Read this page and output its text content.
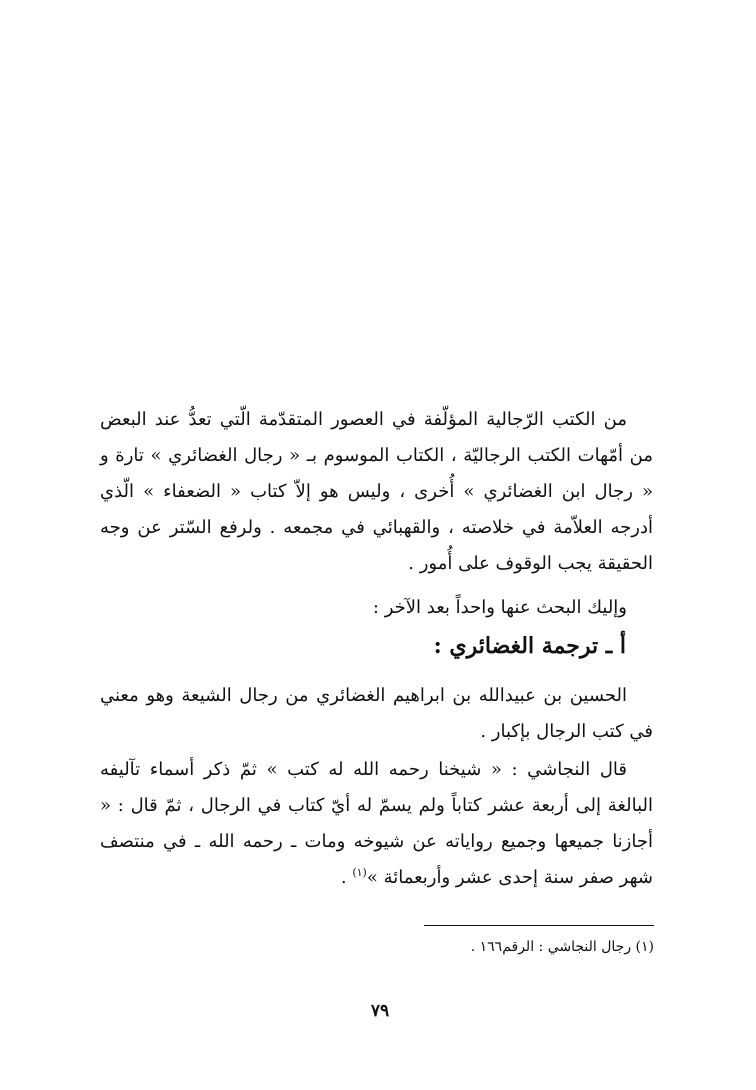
من الكتب الرّجالية المؤلّفة في العصور المتقدّمة الّتي تعدُّ عند البعض من أمّهات الكتب الرجاليّة ، الكتاب الموسوم بـ « رجال الغضائري » تارة و « رجال ابن الغضائري » أُخرى ، وليس هو إلاّ كتاب « الضعفاء » الّذي أدرجه العلاّمة في خلاصته ، والقهبائي في مجمعه . ولرفع السّتر عن وجه الحقيقة يجب الوقوف على أُمور .

وإليك البحث عنها واحداً بعد الآخر :

أ ـ ترجمة الغضائري :

الحسين بن عبيدالله بن ابراهيم الغضائري من رجال الشيعة وهو معني في كتب الرجال بإكبار .

قال النجاشي : « شيخنا رحمه الله له كتب » ثمّ ذكر أسماء تآليفه البالغة إلى أربعة عشر كتاباً ولم يسمّ له أيّ كتاب في الرجال ، ثمّ قال : « أجازنا جميعها وجميع رواياته عن شيوخه ومات ـ رحمه الله ـ في منتصف شهر صفر سنة إحدى عشر وأربعمائة »$^{(١)}$ .

(١) رجال النجاشي : الرقم١٦٦ .
٧٩
